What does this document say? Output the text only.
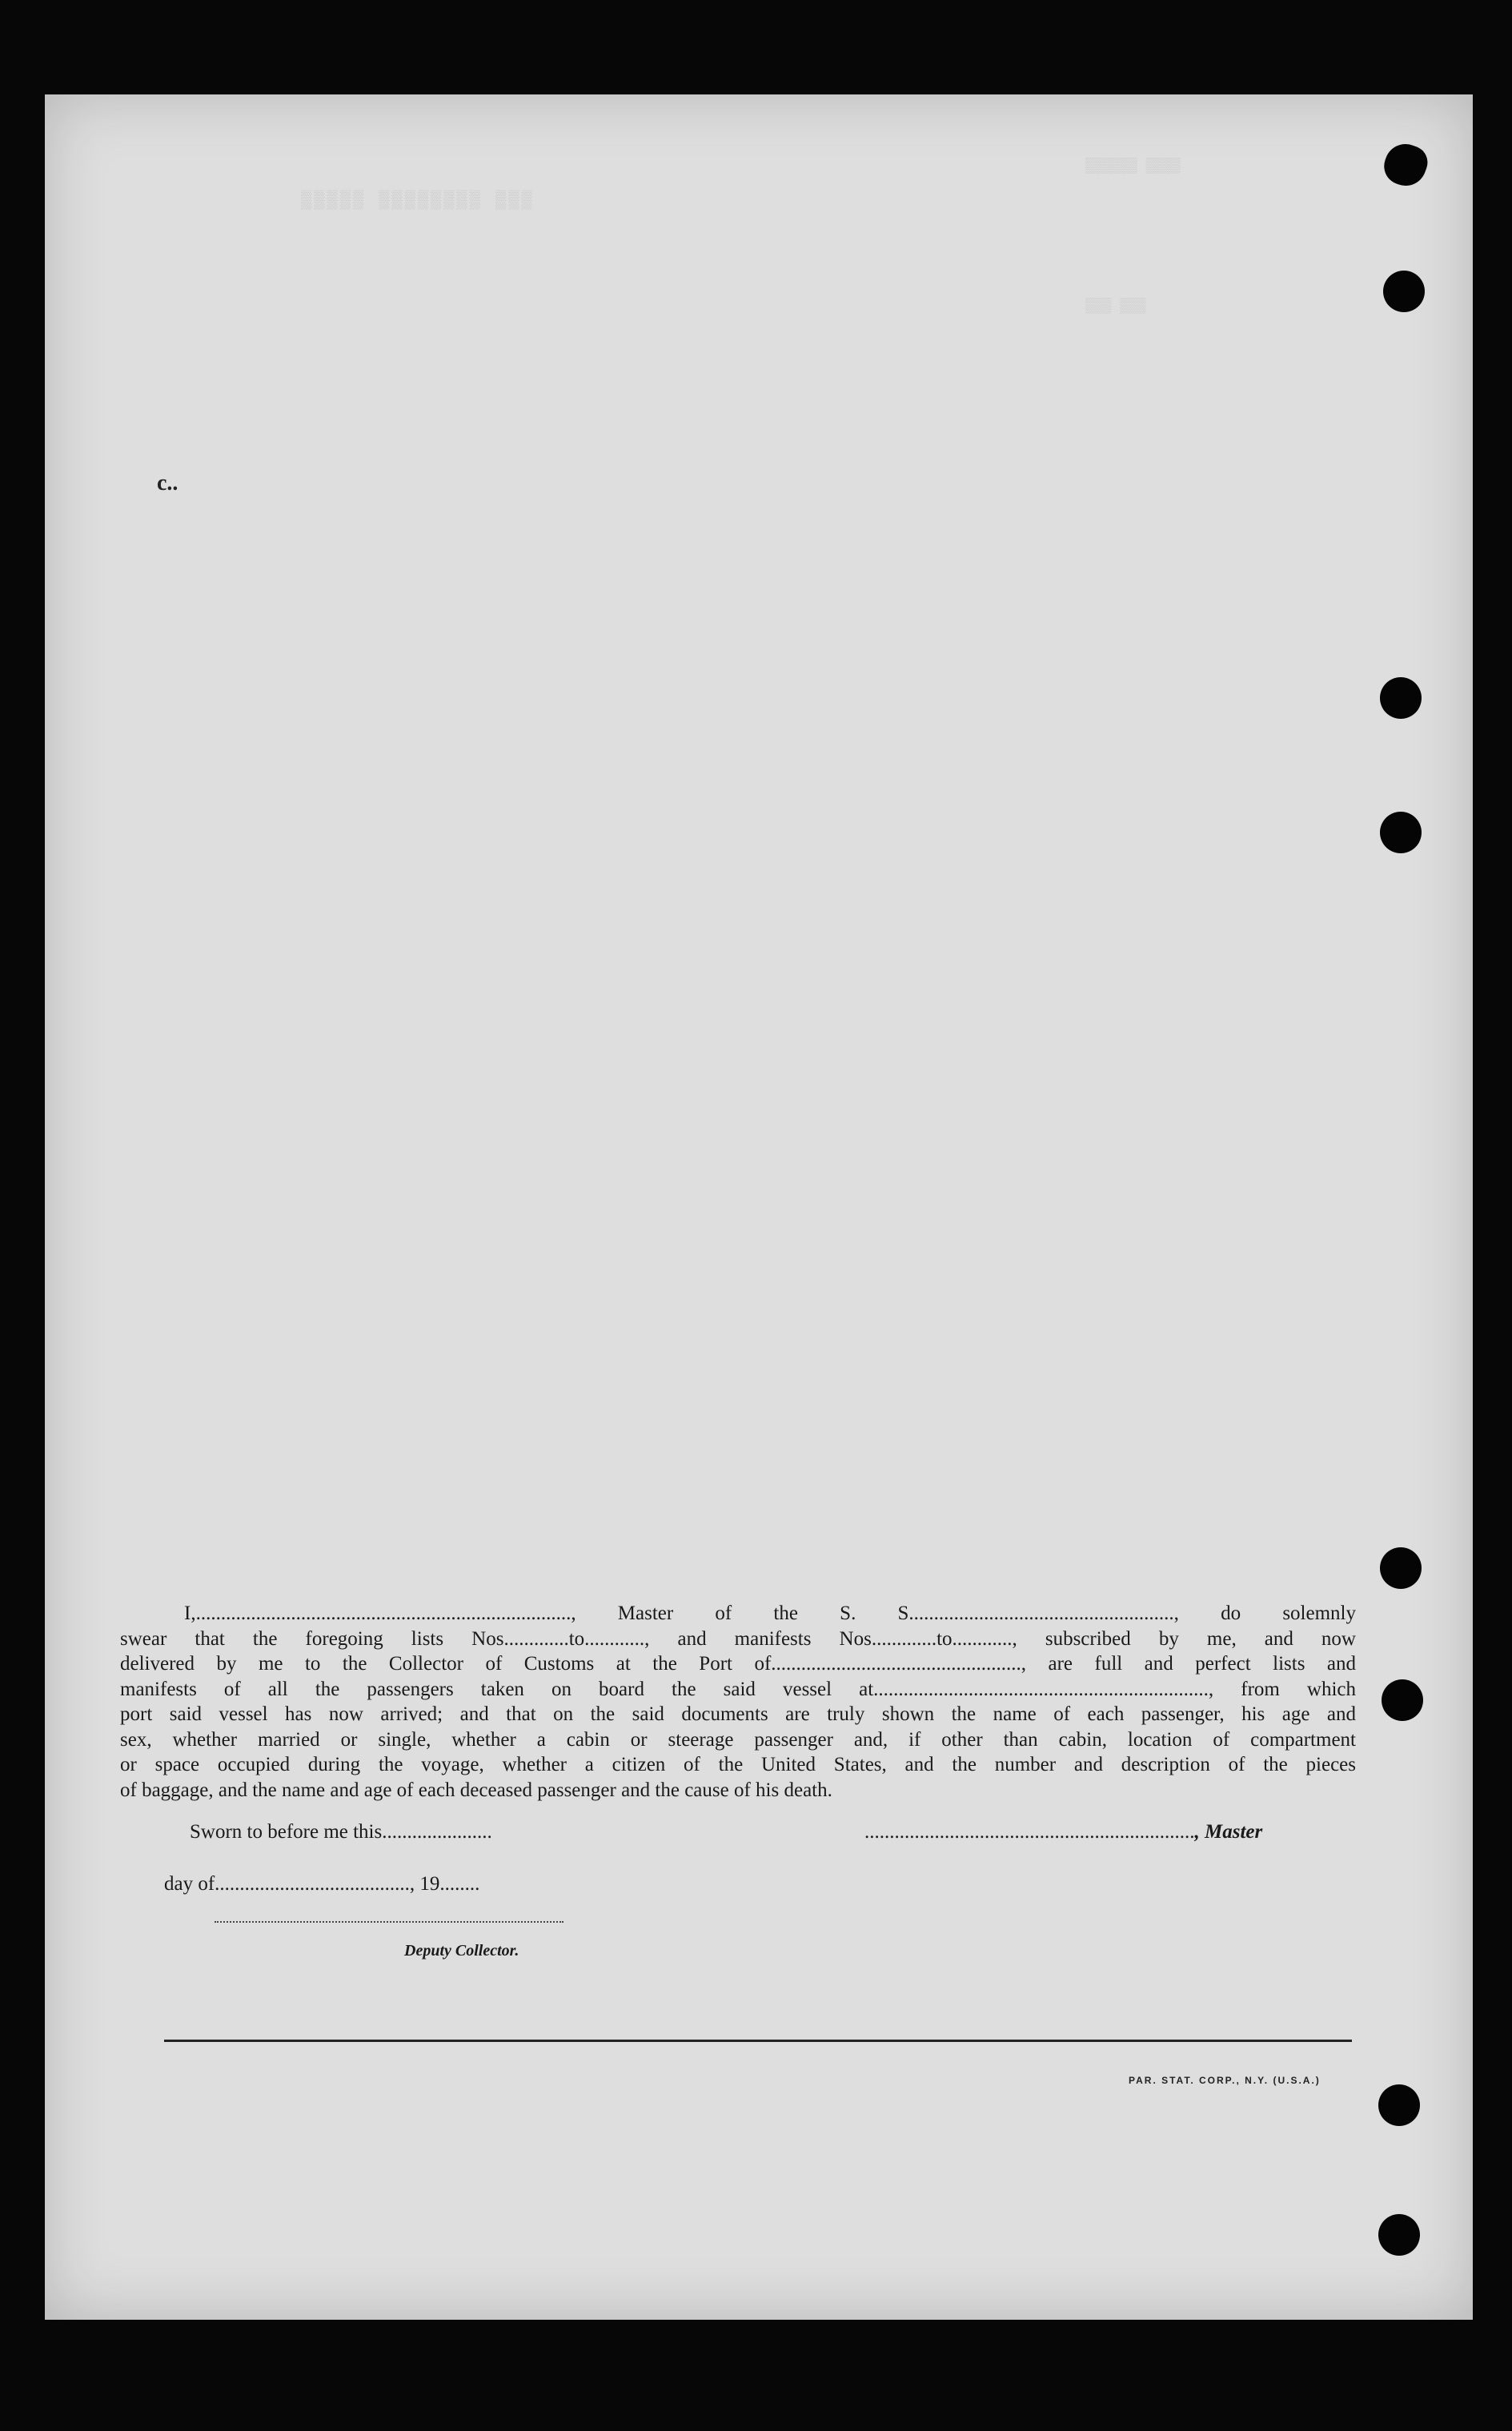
▒▒▒▒▒ ▒▒▒▒▒▒▒▒ ▒▒▒
▒▒▒▒▒▒ ▒▒▒▒
▒▒▒ ▒▒▒
c..
I,..........................................................................., Master of the S. S....................................................., do solemnly
swear that the foregoing lists Nos.............to............, and manifests Nos.............to............, subscribed by me, and now
delivered by me to the Collector of Customs at the Port of.................................................., are full and perfect lists and
manifests of all the passengers taken on board the said vessel at..................................................................., from which
port said vessel has now arrived; and that on the said documents are truly shown the name of each passenger, his age and
sex, whether married or single, whether a cabin or steerage passenger and, if other than cabin, location of compartment
or space occupied during the voyage, whether a citizen of the United States, and the number and description of the pieces
of baggage, and the name and age of each deceased passenger and the cause of his death.
Sworn to before me this......................	.................................................................., Master
day of......................................., 19........
Deputy Collector.
PAR. STAT. CORP., N.Y. (U.S.A.)
